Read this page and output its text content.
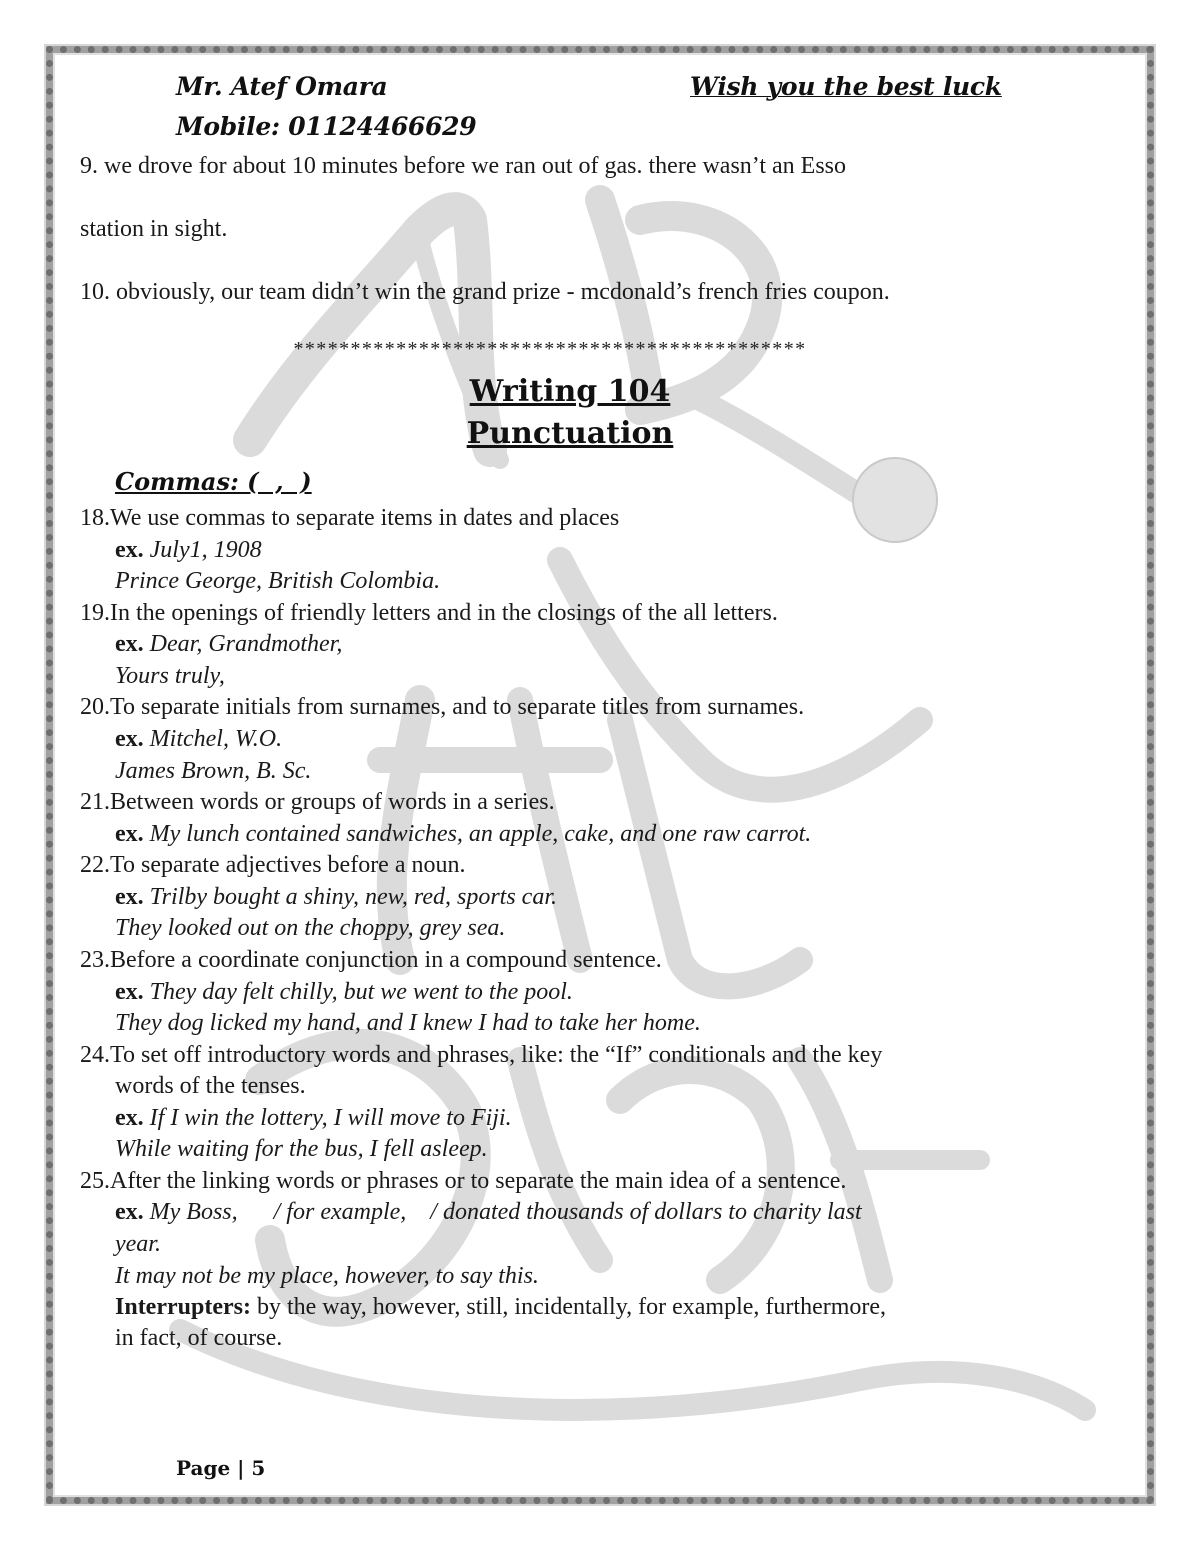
Mr. Atef Omara
Mobile: 01124466629
Wish you the best luck
9. we drove for about 10 minutes before we ran out of gas. there wasn’t an Esso
station in sight.
10. obviously, our team didn’t win the grand prize - mcdonald’s french fries coupon.
*********************************************
Writing 104
Punctuation
Commas: (  ,  )
18.We use commas to separate items in dates and places
ex. July1, 1908
Prince George, British Colombia.
19.In the openings of friendly letters and in the closings of the all letters.
ex. Dear, Grandmother,
Yours truly,
20.To separate initials from surnames, and to separate titles from surnames.
ex. Mitchel, W.O.
James Brown, B. Sc.
21.Between words or groups of words in a series.
ex. My lunch contained sandwiches, an apple, cake, and one raw carrot.
22.To separate adjectives before a noun.
ex. Trilby bought a shiny, new, red, sports car.
They looked out on the choppy, grey sea.
23.Before a coordinate conjunction in a compound sentence.
ex. They day felt chilly, but we went to the pool.
They dog licked my hand, and I knew I had to take her home.
24.To set off introductory words and phrases, like: the “If” conditionals and the key
words of the tenses.
ex. If I win the lottery, I will move to Fiji.
While waiting for the bus, I fell asleep.
25.After the linking words or phrases or to separate the main idea of a sentence.
ex. My Boss,      / for example,    / donated thousands of dollars to charity last
year.
It may not be my place, however, to say this.
Interrupters: by the way, however, still, incidentally, for example, furthermore,
in fact, of course.
Page | 5
